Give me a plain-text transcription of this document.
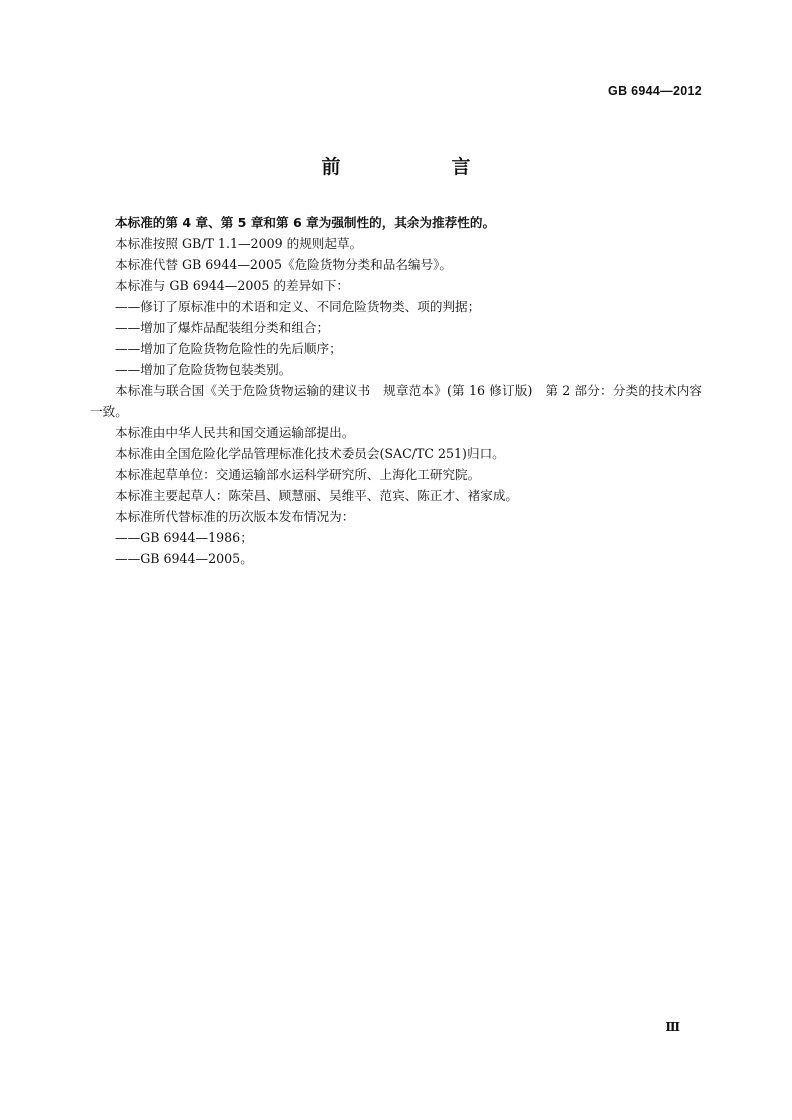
GB 6944—2012
前　言

本标准的第 4 章、第 5 章和第 6 章为强制性的，其余为推荐性的。

本标准按照 GB/T 1.1—2009 的规则起草。

本标准代替 GB 6944—2005《危险货物分类和品名编号》。

本标准与 GB 6944—2005 的差异如下：

——修订了原标准中的术语和定义、不同危险货物类、项的判据；

——增加了爆炸品配装组分类和组合；

——增加了危险货物危险性的先后顺序；

——增加了危险货物包装类别。

本标准与联合国《关于危险货物运输的建议书　规章范本》(第 16 修订版)　第 2 部分：分类的技术内容一致。

本标准由中华人民共和国交通运输部提出。

本标准由全国危险化学品管理标准化技术委员会(SAC/TC 251)归口。

本标准起草单位：交通运输部水运科学研究所、上海化工研究院。

本标准主要起草人：陈荣昌、顾慧丽、吴维平、范宾、陈正才、褚家成。

本标准所代替标准的历次版本发布情况为：

——GB 6944—1986；

——GB 6944—2005。

Ⅲ
